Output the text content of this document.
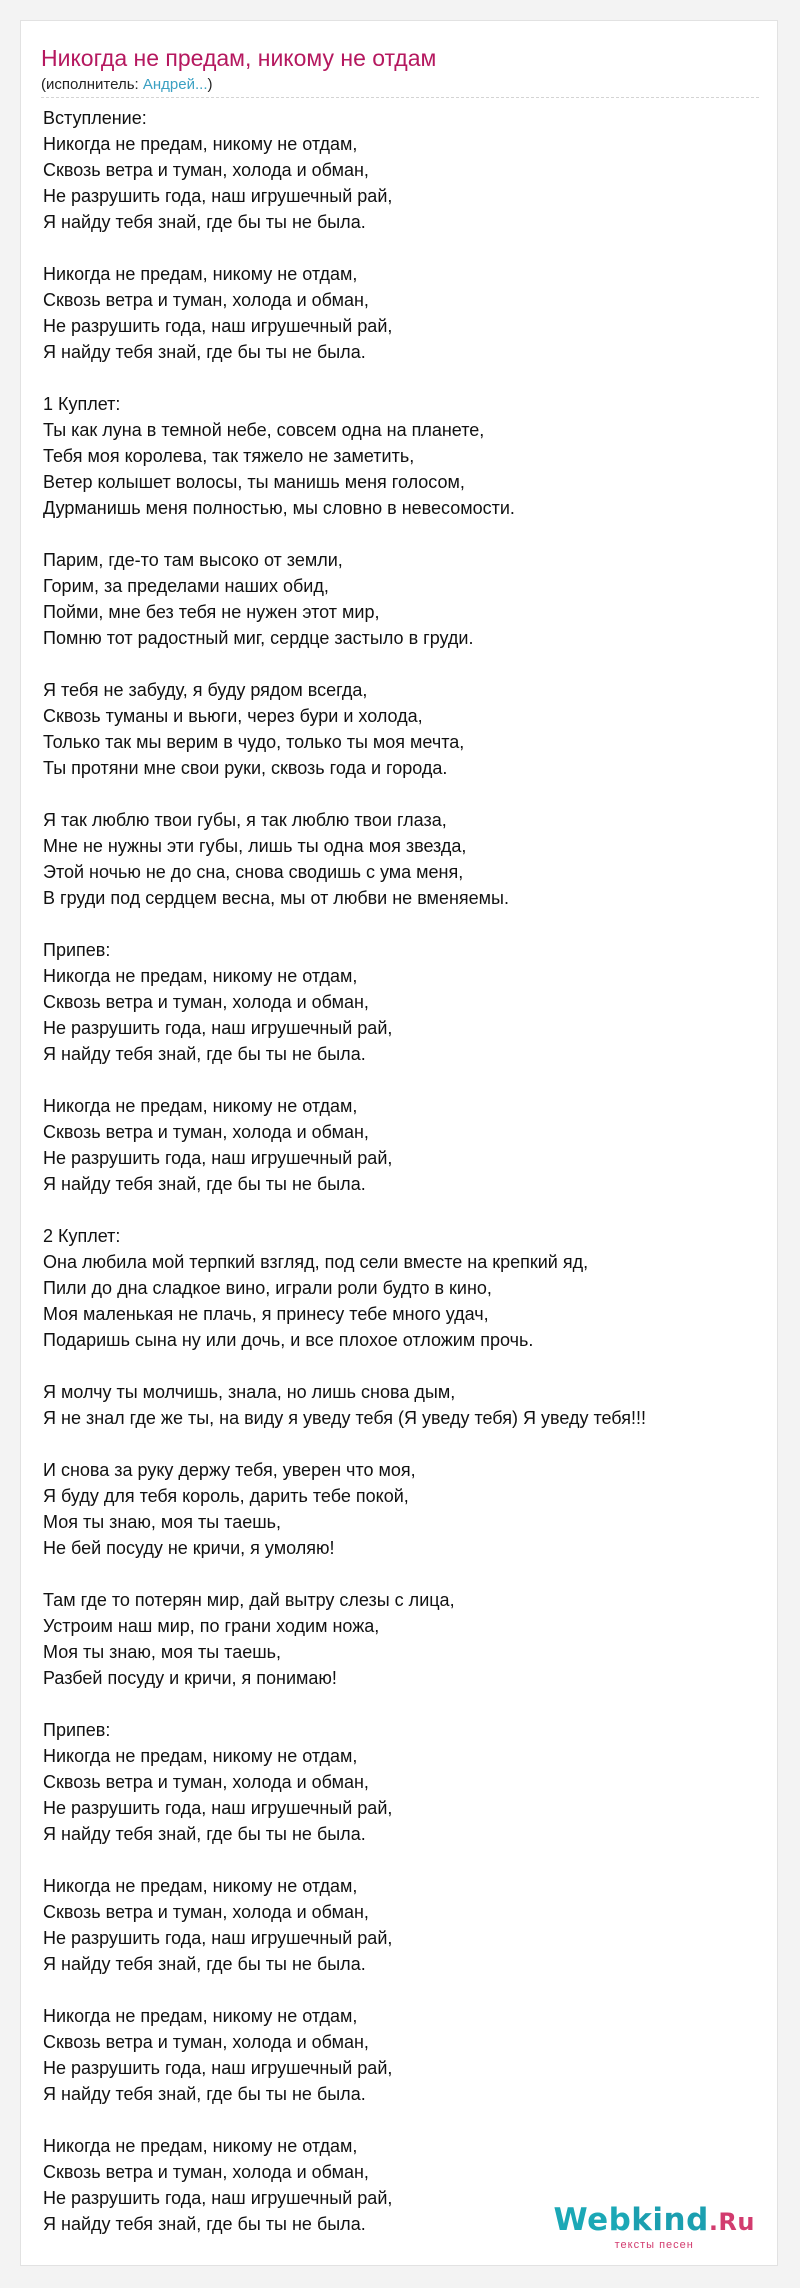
Никогда не предам, никому не отдам
(исполнитель: Андрей...)
Вступление:
Никогда не предам, никому не отдам,
Сквозь ветра и туман, холода и обман,
Не разрушить года, наш игрушечный рай,
Я найду тебя знай, где бы ты не была.
Никогда не предам, никому не отдам,
Сквозь ветра и туман, холода и обман,
Не разрушить года, наш игрушечный рай,
Я найду тебя знай, где бы ты не была.
1 Куплет:
Ты как луна в темной небе, совсем одна на планете,
Тебя моя королева, так тяжело не заметить,
Ветер колышет волосы, ты манишь меня голосом,
Дурманишь меня полностью, мы словно в невесомости.
Парим, где-то там высоко от земли,
Горим, за пределами наших обид,
Пойми, мне без тебя не нужен этот мир,
Помню тот радостный миг, сердце застыло в груди.
Я тебя не забуду, я буду рядом всегда,
Сквозь туманы и вьюги, через бури и холода,
Только так мы верим в чудо, только ты моя мечта,
Ты протяни мне свои руки, сквозь года и города.
Я так люблю твои губы, я так люблю твои глаза,
Мне не нужны эти губы, лишь ты одна моя звезда,
Этой ночью не до сна, снова сводишь с ума меня,
В груди под сердцем весна, мы от любви не вменяемы.
Припев:
Никогда не предам, никому не отдам,
Сквозь ветра и туман, холода и обман,
Не разрушить года, наш игрушечный рай,
Я найду тебя знай, где бы ты не была.
Никогда не предам, никому не отдам,
Сквозь ветра и туман, холода и обман,
Не разрушить года, наш игрушечный рай,
Я найду тебя знай, где бы ты не была.
2 Куплет:
Она любила мой терпкий взгляд, под сели вместе на крепкий яд,
Пили до дна сладкое вино, играли роли будто в кино,
Моя маленькая не плачь, я принесу тебе много удач,
Подаришь сына ну или дочь, и все плохое отложим прочь.
Я молчу ты молчишь, знала, но лишь снова дым,
Я не знал где же ты, на виду я уведу тебя (Я уведу тебя) Я уведу тебя!!!
И снова за руку держу тебя, уверен что моя,
Я буду для тебя король, дарить тебе покой,
Моя ты знаю, моя ты таешь,
Не бей посуду не кричи, я умоляю!
Там где то потерян мир, дай вытру слезы с лица,
Устроим наш мир, по грани ходим ножа,
Моя ты знаю, моя ты таешь,
Разбей посуду и кричи, я понимаю!
Припев:
Никогда не предам, никому не отдам,
Сквозь ветра и туман, холода и обман,
Не разрушить года, наш игрушечный рай,
Я найду тебя знай, где бы ты не была.
Никогда не предам, никому не отдам,
Сквозь ветра и туман, холода и обман,
Не разрушить года, наш игрушечный рай,
Я найду тебя знай, где бы ты не была.
Никогда не предам, никому не отдам,
Сквозь ветра и туман, холода и обман,
Не разрушить года, наш игрушечный рай,
Я найду тебя знай, где бы ты не была.
Никогда не предам, никому не отдам,
Сквозь ветра и туман, холода и обман,
Не разрушить года, наш игрушечный рай,
Я найду тебя знай, где бы ты не была.	Webkind.Ru
тексты песен
